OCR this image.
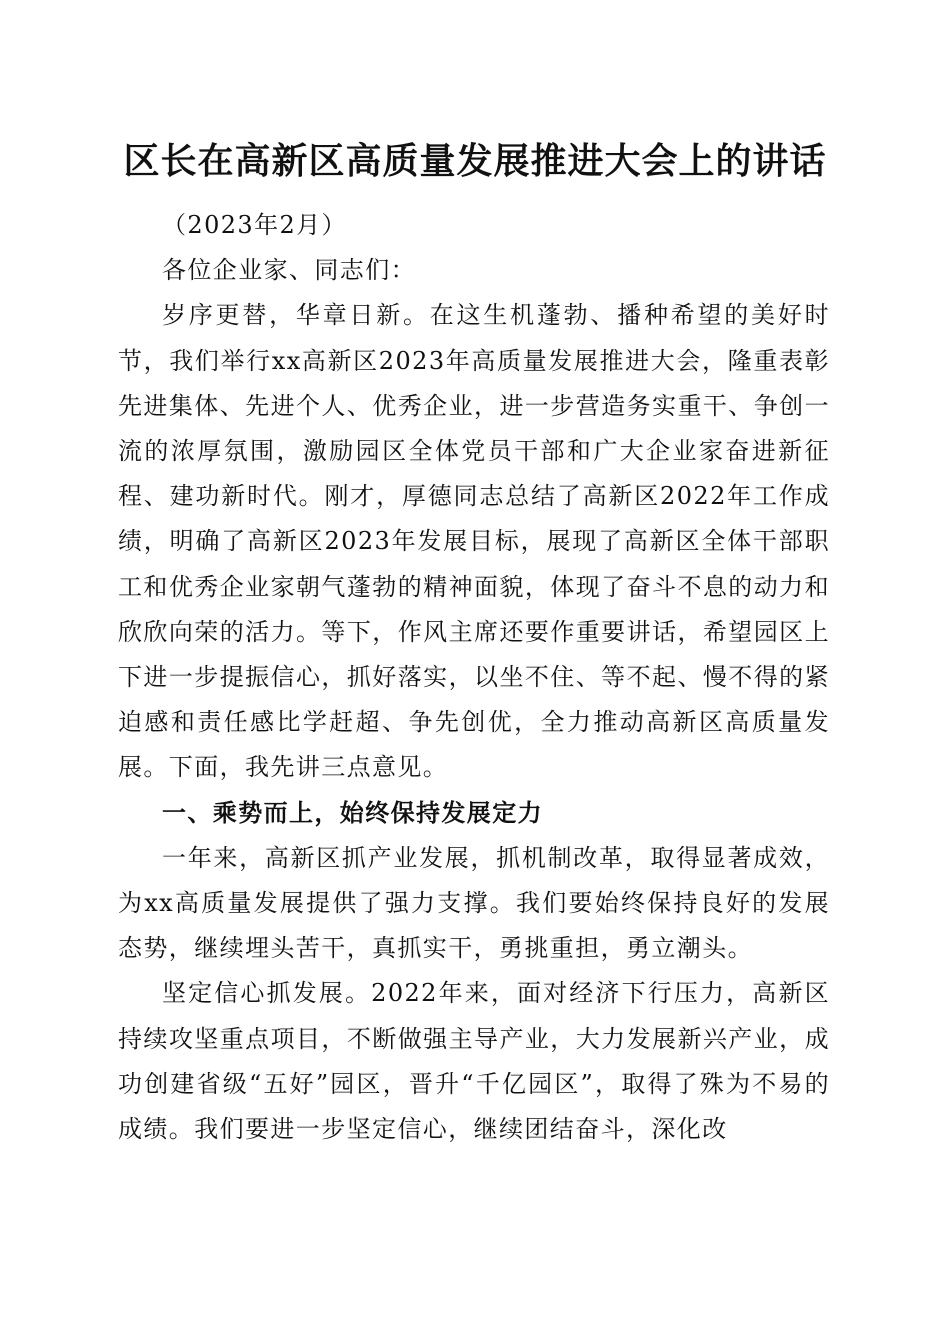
区长在高新区高质量发展推进大会上的讲话

（2023年2月）

各位企业家、同志们：

岁序更替，华章日新。在这生机蓬勃、播种希望的美好时节，我们举行xx高新区2023年高质量发展推进大会，隆重表彰先进集体、先进个人、优秀企业，进一步营造务实重干、争创一流的浓厚氛围，激励园区全体党员干部和广大企业家奋进新征程、建功新时代。刚才，厚德同志总结了高新区2022年工作成绩，明确了高新区2023年发展目标，展现了高新区全体干部职工和优秀企业家朝气蓬勃的精神面貌，体现了奋斗不息的动力和欣欣向荣的活力。等下，作风主席还要作重要讲话，希望园区上下进一步提振信心，抓好落实，以坐不住、等不起、慢不得的紧迫感和责任感比学赶超、争先创优，全力推动高新区高质量发展。下面，我先讲三点意见。

一、乘势而上，始终保持发展定力

一年来，高新区抓产业发展，抓机制改革，取得显著成效，为xx高质量发展提供了强力支撑。我们要始终保持良好的发展态势，继续埋头苦干，真抓实干，勇挑重担，勇立潮头。

坚定信心抓发展。2022年来，面对经济下行压力，高新区持续攻坚重点项目，不断做强主导产业，大力发展新兴产业，成功创建省级“五好”园区，晋升“千亿园区”，取得了殊为不易的成绩。我们要进一步坚定信心，继续团结奋斗，深化改
